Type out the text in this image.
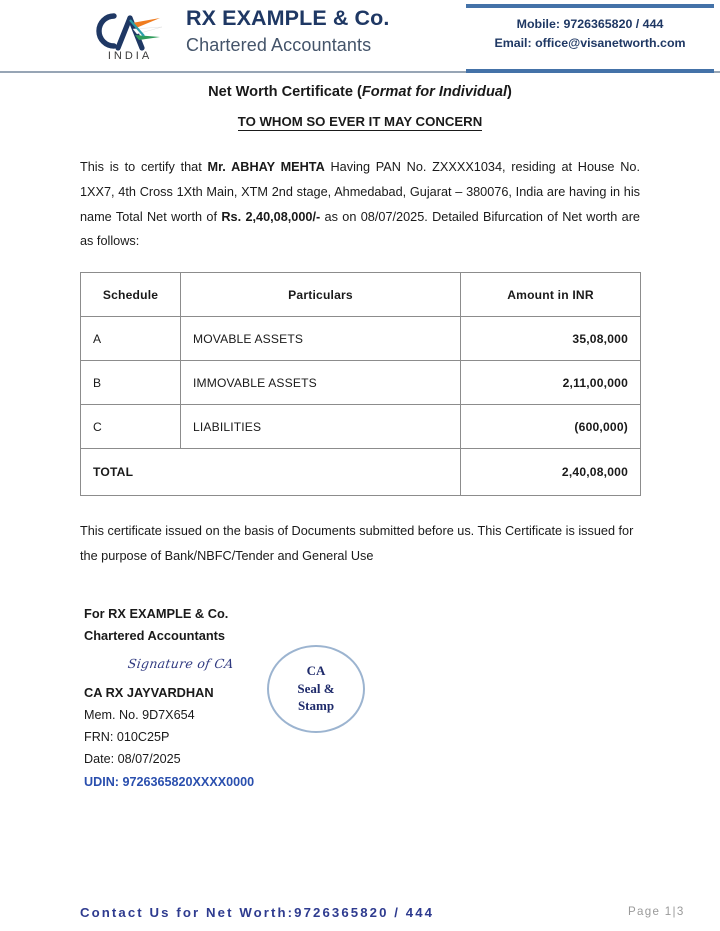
INDIA
RX EXAMPLE & Co.
Chartered Accountants
Mobile: 9726365820 / 444
Email: office@visanetworth.com
Net Worth Certificate (Format for Individual)
TO WHOM SO EVER IT MAY CONCERN
This is to certify that Mr. ABHAY MEHTA Having PAN No. ZXXXX1034, residing at House No. 1XX7, 4th Cross 1Xth Main, XTM 2nd stage, Ahmedabad, Gujarat – 380076, India are having in his name Total Net worth of Rs. 2,40,08,000/- as on 08/07/2025. Detailed Bifurcation of Net worth are as follows:
Schedule	Particulars	Amount in INR
A	MOVABLE ASSETS	35,08,000
B	IMMOVABLE ASSETS	2,11,00,000
C	LIABILITIES	(600,000)
TOTAL		2,40,08,000
This certificate issued on the basis of Documents submitted before us. This Certificate is issued for the purpose of Bank/NBFC/Tender and General Use
For RX EXAMPLE & Co.
Chartered Accountants
Signature of CA
CA RX JAYVARDHAN
Mem. No. 9D7X654
FRN: 010C25P
Date: 08/07/2025
UDIN: 9726365820XXXX0000
CA
Seal &
Stamp
Contact Us for Net Worth:9726365820 / 444	Page 1|3
